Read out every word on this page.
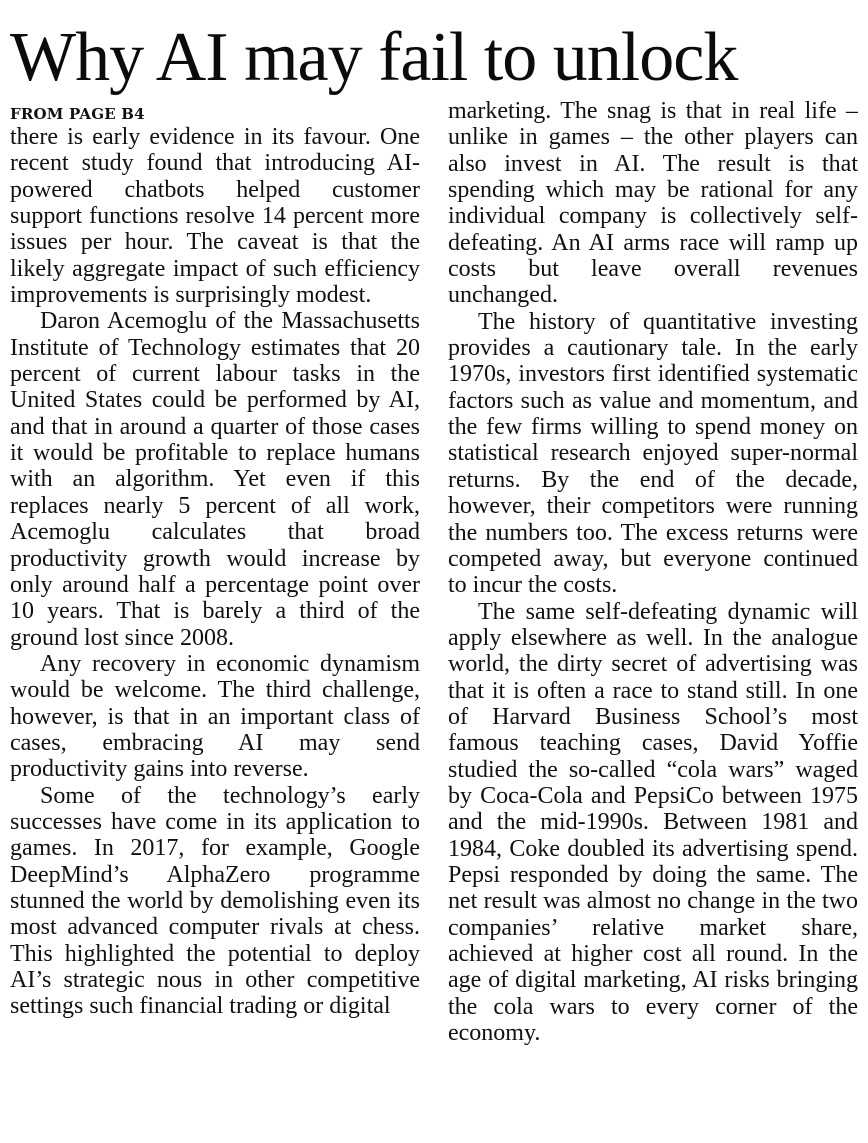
Why AI may fail to unlock
FROM PAGE B4

there is early evidence in its favour. One recent study found that introducing AI-powered chatbots helped customer support functions resolve 14 percent more issues per hour. The caveat is that the likely aggregate impact of such efficiency improvements is surprisingly modest.

Daron Acemoglu of the Massachusetts Institute of Technology estimates that 20 percent of current labour tasks in the United States could be performed by AI, and that in around a quarter of those cases it would be profitable to replace humans with an algorithm. Yet even if this replaces nearly 5 percent of all work, Acemoglu calculates that broad productivity growth would increase by only around half a percentage point over 10 years. That is barely a third of the ground lost since 2008.

Any recovery in economic dynamism would be welcome. The third challenge, however, is that in an important class of cases, embracing AI may send productivity gains into reverse.

Some of the technology’s early successes have come in its application to games. In 2017, for example, Google DeepMind’s AlphaZero programme stunned the world by demolishing even its most advanced computer rivals at chess. This highlighted the potential to deploy AI’s strategic nous in other competitive settings such financial trading or digital

marketing. The snag is that in real life – unlike in games – the other players can also invest in AI. The result is that spending which may be rational for any individual company is collectively self-defeating. An AI arms race will ramp up costs but leave overall revenues unchanged.

The history of quantitative investing provides a cautionary tale. In the early 1970s, investors first identified systematic factors such as value and momentum, and the few firms willing to spend money on statistical research enjoyed super-normal returns. By the end of the decade, however, their competitors were running the numbers too. The excess returns were competed away, but everyone continued to incur the costs.

The same self-defeating dynamic will apply elsewhere as well. In the analogue world, the dirty secret of advertising was that it is often a race to stand still. In one of Harvard Business School’s most famous teaching cases, David Yoffie studied the so-called “cola wars” waged by Coca-Cola and PepsiCo between 1975 and the mid-1990s. Between 1981 and 1984, Coke doubled its advertising spend. Pepsi responded by doing the same. The net result was almost no change in the two companies’ relative market share, achieved at higher cost all round. In the age of digital marketing, AI risks bringing the cola wars to every corner of the economy.
